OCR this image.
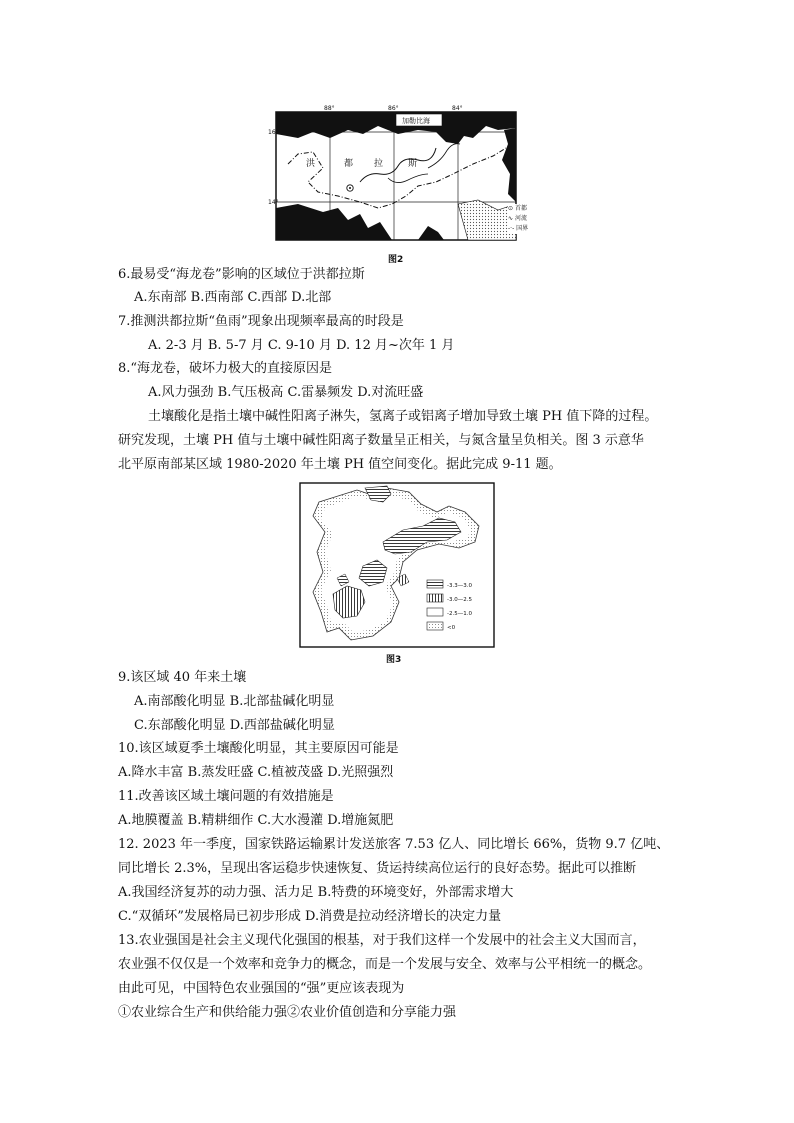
88°	86°	84°
16°
14°
加勒比海
洪	都 拉	斯
⊙ 首都
∿ 河流
-·- 国界
图2
6.最易受“海龙卷”影响的区域位于洪都拉斯
A.东南部 B.西南部 C.西部 D.北部
7.推测洪都拉斯“鱼雨”现象出现频率最高的时段是
A. 2-3 月 B. 5-7 月 C. 9-10 月 D. 12 月~次年 1 月
8.“海龙卷，破坏力极大的直接原因是
A.风力强劲 B.气压极高 C.雷暴频发 D.对流旺盛
土壤酸化是指土壤中碱性阳离子淋失，氢离子或铝离子增加导致土壤 PH 值下降的过程。
研究发现，土壤 PH 值与土壤中碱性阳离子数量呈正相关，与氮含量呈负相关。图 3 示意华
北平原南部某区域 1980-2020 年土壤 PH 值空间变化。据此完成 9-11 题。
-3.3—3.0
-3.0—2.5
-2.5—1.0
<0
图3
9.该区域 40 年来土壤
A.南部酸化明显 B.北部盐碱化明显
C.东部酸化明显 D.西部盐碱化明显
10.该区域夏季土壤酸化明显，其主要原因可能是
A.降水丰富 B.蒸发旺盛 C.植被茂盛 D.光照强烈
11.改善该区域土壤问题的有效措施是
A.地膜覆盖 B.精耕细作 C.大水漫灌 D.增施氮肥
12. 2023 年一季度，国家铁路运输累计发送旅客 7.53 亿人、同比增长 66%，货物 9.7 亿吨、
同比增长 2.3%，呈现出客运稳步快速恢复、货运持续高位运行的良好态势。据此可以推断
A.我国经济复苏的动力强、活力足 B.特费的环境变好，外部需求增大
C.“双循环”发展格局已初步形成 D.消费是拉动经济增长的决定力量
13.农业强国是社会主义现代化强国的根基，对于我们这样一个发展中的社会主义大国而言，
农业强不仅仅是一个效率和竞争力的概念，而是一个发展与安全、效率与公平相统一的概念。
由此可见，中国特色农业强国的“强”更应该表现为
①农业综合生产和供给能力强②农业价值创造和分享能力强
